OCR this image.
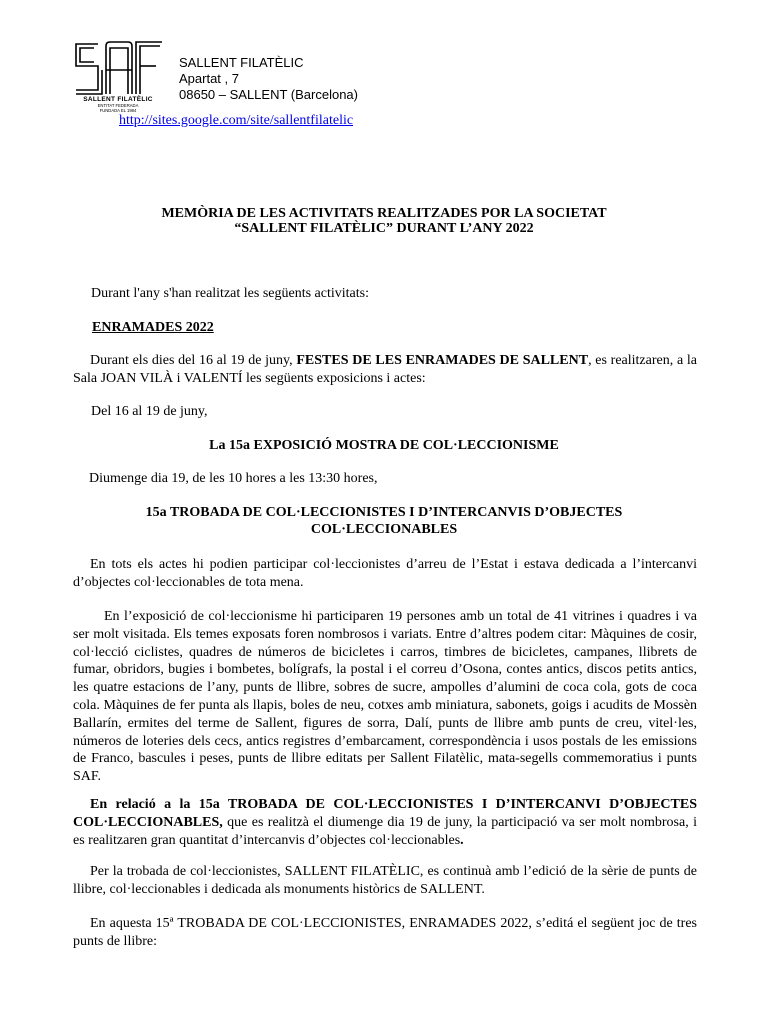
SALLENT FILATÈLIC
ENTITAT FEDERADA
FUNDADA EL 1984
SALLENT FILATÈLIC
Apartat , 7
08650 – SALLENT (Barcelona)
http://sites.google.com/site/sallentfilatelic
MEMÒRIA DE LES ACTIVITATS REALITZADES POR LA SOCIETAT
“SALLENT FILATÈLIC” DURANT L’ANY 2022
Durant l'any s'han realitzat les següents activitats:
ENRAMADES 2022
Durant els dies del 16 al 19 de juny, FESTES DE LES ENRAMADES DE SALLENT, es realitzaren, a la Sala JOAN VILÀ i VALENTÍ les següents exposicions i actes:
Del 16 al 19 de juny,
La 15a EXPOSICIÓ MOSTRA DE COL·LECCIONISME
Diumenge dia 19, de les 10 hores a les 13:30 hores,
15a TROBADA DE COL·LECCIONISTES I D’INTERCANVIS D’OBJECTES
COL·LECCIONABLES
En tots els actes hi podien participar col·leccionistes d’arreu de l’Estat i estava dedicada a l’intercanvi d’objectes col·leccionables de tota mena.
En l’exposició de col·leccionisme hi participaren 19 persones amb un total de 41 vitrines i quadres i va ser molt visitada. Els temes exposats foren nombrosos i variats. Entre d’altres podem citar: Màquines de cosir, col·lecció ciclistes, quadres de números de bicicletes i carros, timbres de bicicletes, campanes, llibrets de fumar, obridors, bugies i bombetes, bolígrafs, la postal i el correu d’Osona, contes antics, discos petits antics, les quatre estacions de l’any, punts de llibre, sobres de sucre, ampolles d’alumini de coca cola, gots de coca cola. Màquines de fer punta als llapis, boles de neu, cotxes amb miniatura, sabonets, goigs i acudits de Mossèn Ballarín, ermites del terme de Sallent, figures de sorra, Dalí, punts de llibre amb punts de creu, vitel·les, números de loteries dels cecs, antics registres d’embarcament, correspondència i usos postals de les emissions de Franco, bascules i peses, punts de llibre editats per Sallent Filatèlic, mata-segells commemoratius i punts SAF.
En relació a la 15a TROBADA DE COL·LECCIONISTES I D’INTERCANVI D’OBJECTES COL·LECCIONABLES, que es realitzà el diumenge dia 19 de juny, la participació va ser molt nombrosa, i es realitzaren gran quantitat d’intercanvis d’objectes col·leccionables.
Per la trobada de col·leccionistes, SALLENT FILATÈLIC, es continuà amb l’edició de la sèrie de punts de llibre, col·leccionables i dedicada als monuments històrics de SALLENT.
En aquesta 15ª TROBADA DE COL·LECCIONISTES, ENRAMADES 2022, s’editá el següent joc de tres punts de llibre:
